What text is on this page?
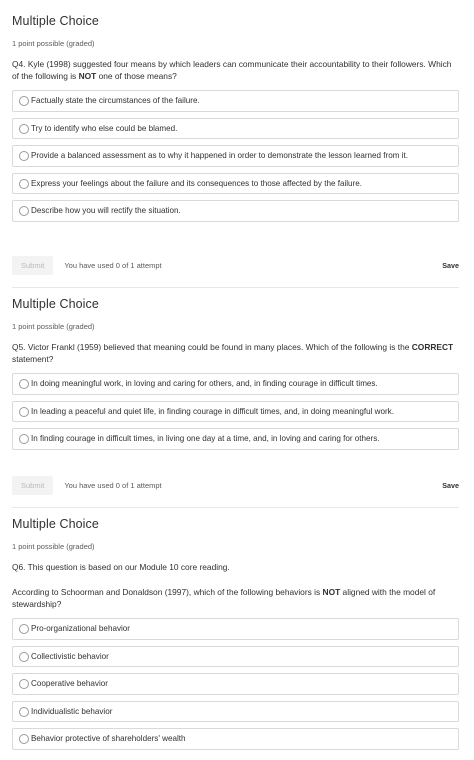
Multiple Choice
1 point possible (graded)
Q4. Kyle (1998) suggested four means by which leaders can communicate their accountability to their followers. Which of the following is NOT one of those means?
Factually state the circumstances of the failure.
Try to identify who else could be blamed.
Provide a balanced assessment as to why it happened in order to demonstrate the lesson learned from it.
Express your feelings about the failure and its consequences to those affected by the failure.
Describe how you will rectify the situation.
Submit	You have used 0 of 1 attempt	Save
Multiple Choice
1 point possible (graded)
Q5. Victor Frankl (1959) believed that meaning could be found in many places. Which of the following is the CORRECT statement?
In doing meaningful work, in loving and caring for others, and, in finding courage in difficult times.
In leading a peaceful and quiet life, in finding courage in difficult times, and, in doing meaningful work.
In finding courage in difficult times, in living one day at a time, and, in loving and caring for others.
Submit	You have used 0 of 1 attempt	Save
Multiple Choice
1 point possible (graded)
Q6. This question is based on our Module 10 core reading.
According to Schoorman and Donaldson (1997), which of the following behaviors is NOT aligned with the model of stewardship?
Pro-organizational behavior
Collectivistic behavior
Cooperative behavior
Individualistic behavior
Behavior protective of shareholders' wealth
